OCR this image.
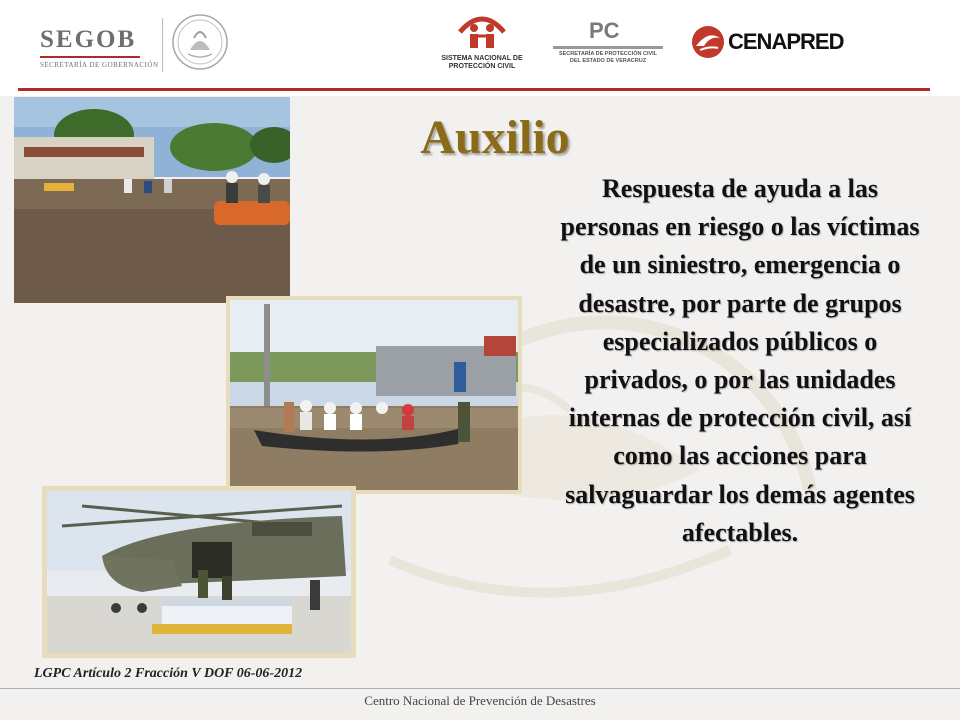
SEGOB
SECRETARÍA DE GOBERNACIÓN
SISTEMA NACIONAL DE
PROTECCIÓN CIVIL
PC
SECRETARÍA DE PROTECCIÓN CIVIL
DEL ESTADO DE VERACRUZ
CENAPRED
Auxilio
Respuesta de ayuda a las personas en riesgo o las víctimas de un siniestro, emergencia o desastre, por parte de grupos especializados públicos o privados, o por las unidades internas de protección civil, así como las acciones para salvaguardar los demás agentes afectables.
LGPC Artículo 2 Fracción V DOF 06-06-2012
Centro Nacional de Prevención de Desastres
